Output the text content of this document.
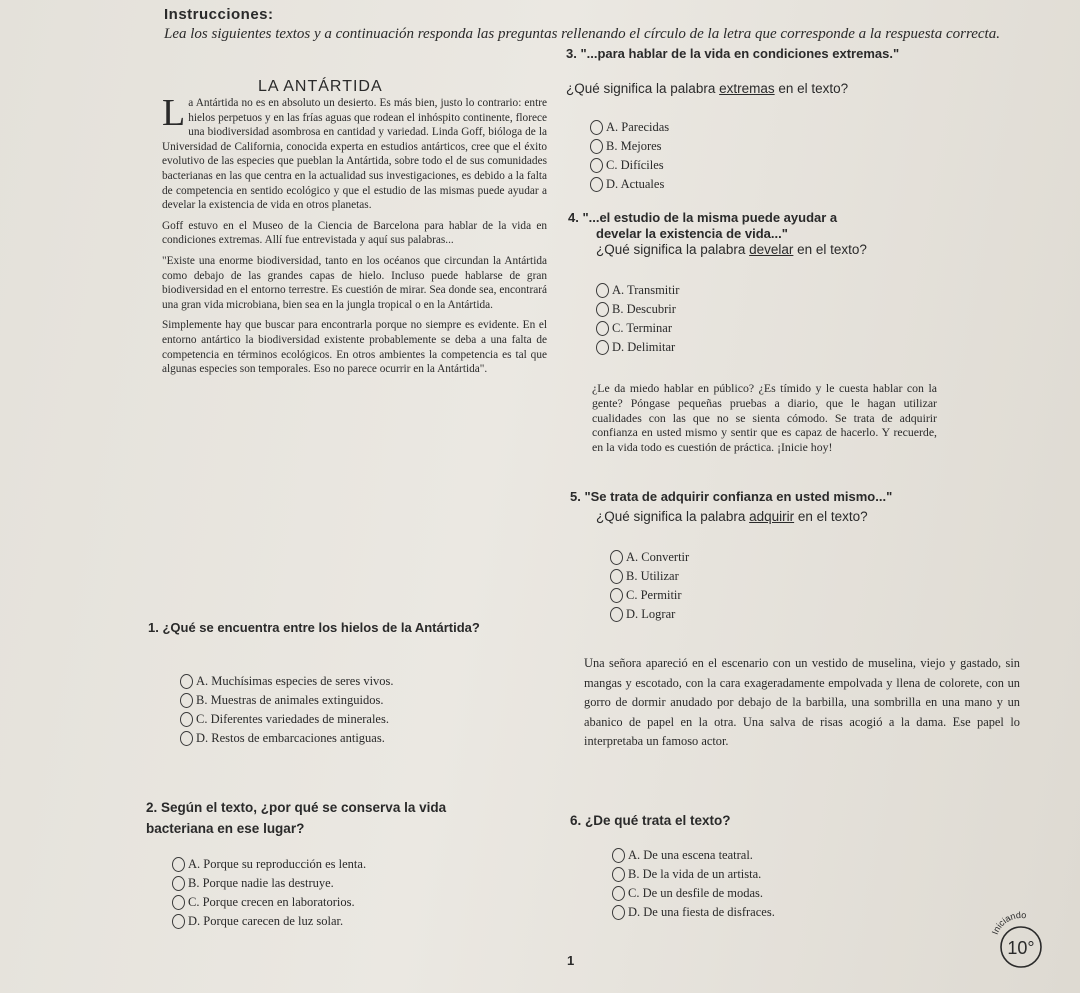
Instrucciones:
Lea los siguientes textos y a continuación responda las preguntas rellenando el círculo de la letra que corresponde a la respuesta correcta.
LA ANTÁRTIDA

La Antártida no es en absoluto un desierto. Es más bien, justo lo contrario: entre hielos perpetuos y en las frías aguas que rodean el inhóspito continente, florece una biodiversidad asombrosa en cantidad y variedad. Linda Goff, bióloga de la Universidad de California, conocida experta en estudios antárticos, cree que el éxito evolutivo de las especies que pueblan la Antártida, sobre todo el de sus comunidades bacterianas en las que centra en la actualidad sus investigaciones, es debido a la falta de competencia en sentido ecológico y que el estudio de las mismas puede ayudar a develar la existencia de vida en otros planetas.

Goff estuvo en el Museo de la Ciencia de Barcelona para hablar de la vida en condiciones extremas. Allí fue entrevistada y aquí sus palabras...

"Existe una enorme biodiversidad, tanto en los océanos que circundan la Antártida como debajo de las grandes capas de hielo. Incluso puede hablarse de gran biodiversidad en el entorno terrestre. Es cuestión de mirar. Sea donde sea, encontrará una gran vida microbiana, bien sea en la jungla tropical o en la Antártida.

Simplemente hay que buscar para encontrarla porque no siempre es evidente. En el entorno antártico la biodiversidad existente probablemente se deba a una falta de competencia en términos ecológicos. En otros ambientes la competencia es tal que algunas especies son temporales. Eso no parece ocurrir en la Antártida".

1. ¿Qué se encuentra entre los hielos de la Antártida?
A. Muchísimas especies de seres vivos.
B. Muestras de animales extinguidos.
C. Diferentes variedades de minerales.
D. Restos de embarcaciones antiguas.
2. Según el texto, ¿por qué se conserva la vida
bacteriana en ese lugar?
A. Porque su reproducción es lenta.
B. Porque nadie las destruye.
C. Porque crecen en laboratorios.
D. Porque carecen de luz solar.
3. "...para hablar de la vida en condiciones extremas."
¿Qué significa la palabra extremas en el texto?
A. Parecidas
B. Mejores
C. Difíciles
D. Actuales
4. "...el estudio de la misma puede ayudar a
develar la existencia de vida..."
¿Qué significa la palabra develar en el texto?
A. Transmitir
B. Descubrir
C. Terminar
D. Delimitar
¿Le da miedo hablar en público? ¿Es tímido y le cuesta hablar con la gente? Póngase pequeñas pruebas a diario, que le hagan utilizar cualidades con las que no se sienta cómodo. Se trata de adquirir confianza en usted mismo y sentir que es capaz de hacerlo. Y recuerde, en la vida todo es cuestión de práctica. ¡Inicie hoy!
5. "Se trata de adquirir confianza en usted mismo..."
¿Qué significa la palabra adquirir en el texto?
A. Convertir
B. Utilizar
C. Permitir
D. Lograr
Una señora apareció en el escenario con un vestido de muselina, viejo y gastado, sin mangas y escotado, con la cara exageradamente empolvada y llena de colorete, con un gorro de dormir anudado por debajo de la barbilla, una sombrilla en una mano y un abanico de papel en la otra. Una salva de risas acogió a la dama. Ese papel lo interpretaba un famoso actor.
6. ¿De qué trata el texto?
A. De una escena teatral.
B. De la vida de un artista.
C. De un desfile de modas.
D. De una fiesta de disfraces.
1
Iniciando
10°
